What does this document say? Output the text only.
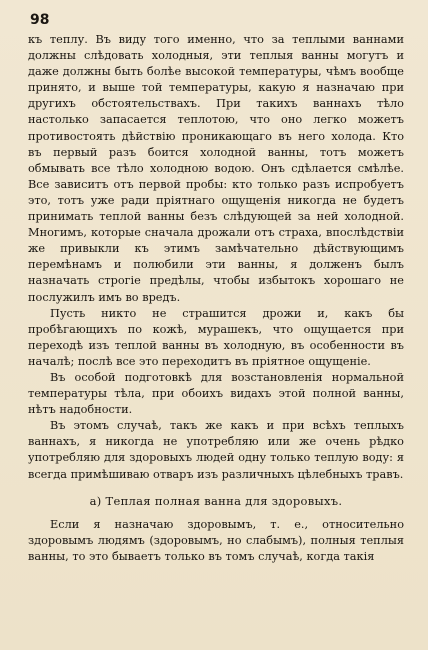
98

къ теплу. Въ виду того именно, что за теплыми ваннами должны слѣдовать холодныя, эти теплыя ванны могутъ и даже должны быть болѣе высокой температуры, чѣмъ вообще принято, и выше той температуры, какую я назначаю при другихъ обстоятельствахъ. При такихъ ваннахъ тѣло настолько запасается теплотою, что оно легко можетъ противостоять дѣйствію проникающаго въ него холода. Кто въ первый разъ боится холодной ванны, тотъ можетъ обмывать все тѣло холодною водою. Онъ сдѣлается смѣлѣе. Все зависитъ отъ первой пробы: кто только разъ испробуетъ это, тотъ уже ради пріятнаго ощущенія никогда не будетъ принимать теплой ванны безъ слѣдующей за ней холодной. Многимъ, которые сначала дрожали отъ страха, впослѣдствіи же привыкли къ этимъ замѣчательно дѣйствующимъ перемѣнамъ и полюбили эти ванны, я долженъ былъ назначать строгіе предѣлы, чтобы избытокъ хорошаго не послужилъ имъ во вредъ.

Пусть никто не страшится дрожи и, какъ бы пробѣгающихъ по кожѣ, мурашекъ, что ощущается при переходѣ изъ теплой ванны въ холодную, въ особенности въ началѣ; послѣ все это переходитъ въ пріятное ощущеніе.

Въ особой подготовкѣ для возстановленія нормальной температуры тѣла, при обоихъ видахъ этой полной ванны, нѣтъ надобности.

Въ этомъ случаѣ, такъ же какъ и при всѣхъ теплыхъ ваннахъ, я никогда не употребляю или же очень рѣдко употребляю для здоровыхъ людей одну только теплую воду: я всегда примѣшиваю отваръ изъ различныхъ цѣлебныхъ травъ.

а) Теплая полная ванна для здоровыхъ.

Если я назначаю здоровымъ, т. е., относительно здоровымъ людямъ (здоровымъ, но слабымъ), полныя теплыя ванны, то это бываетъ только въ томъ случаѣ, когда такія
